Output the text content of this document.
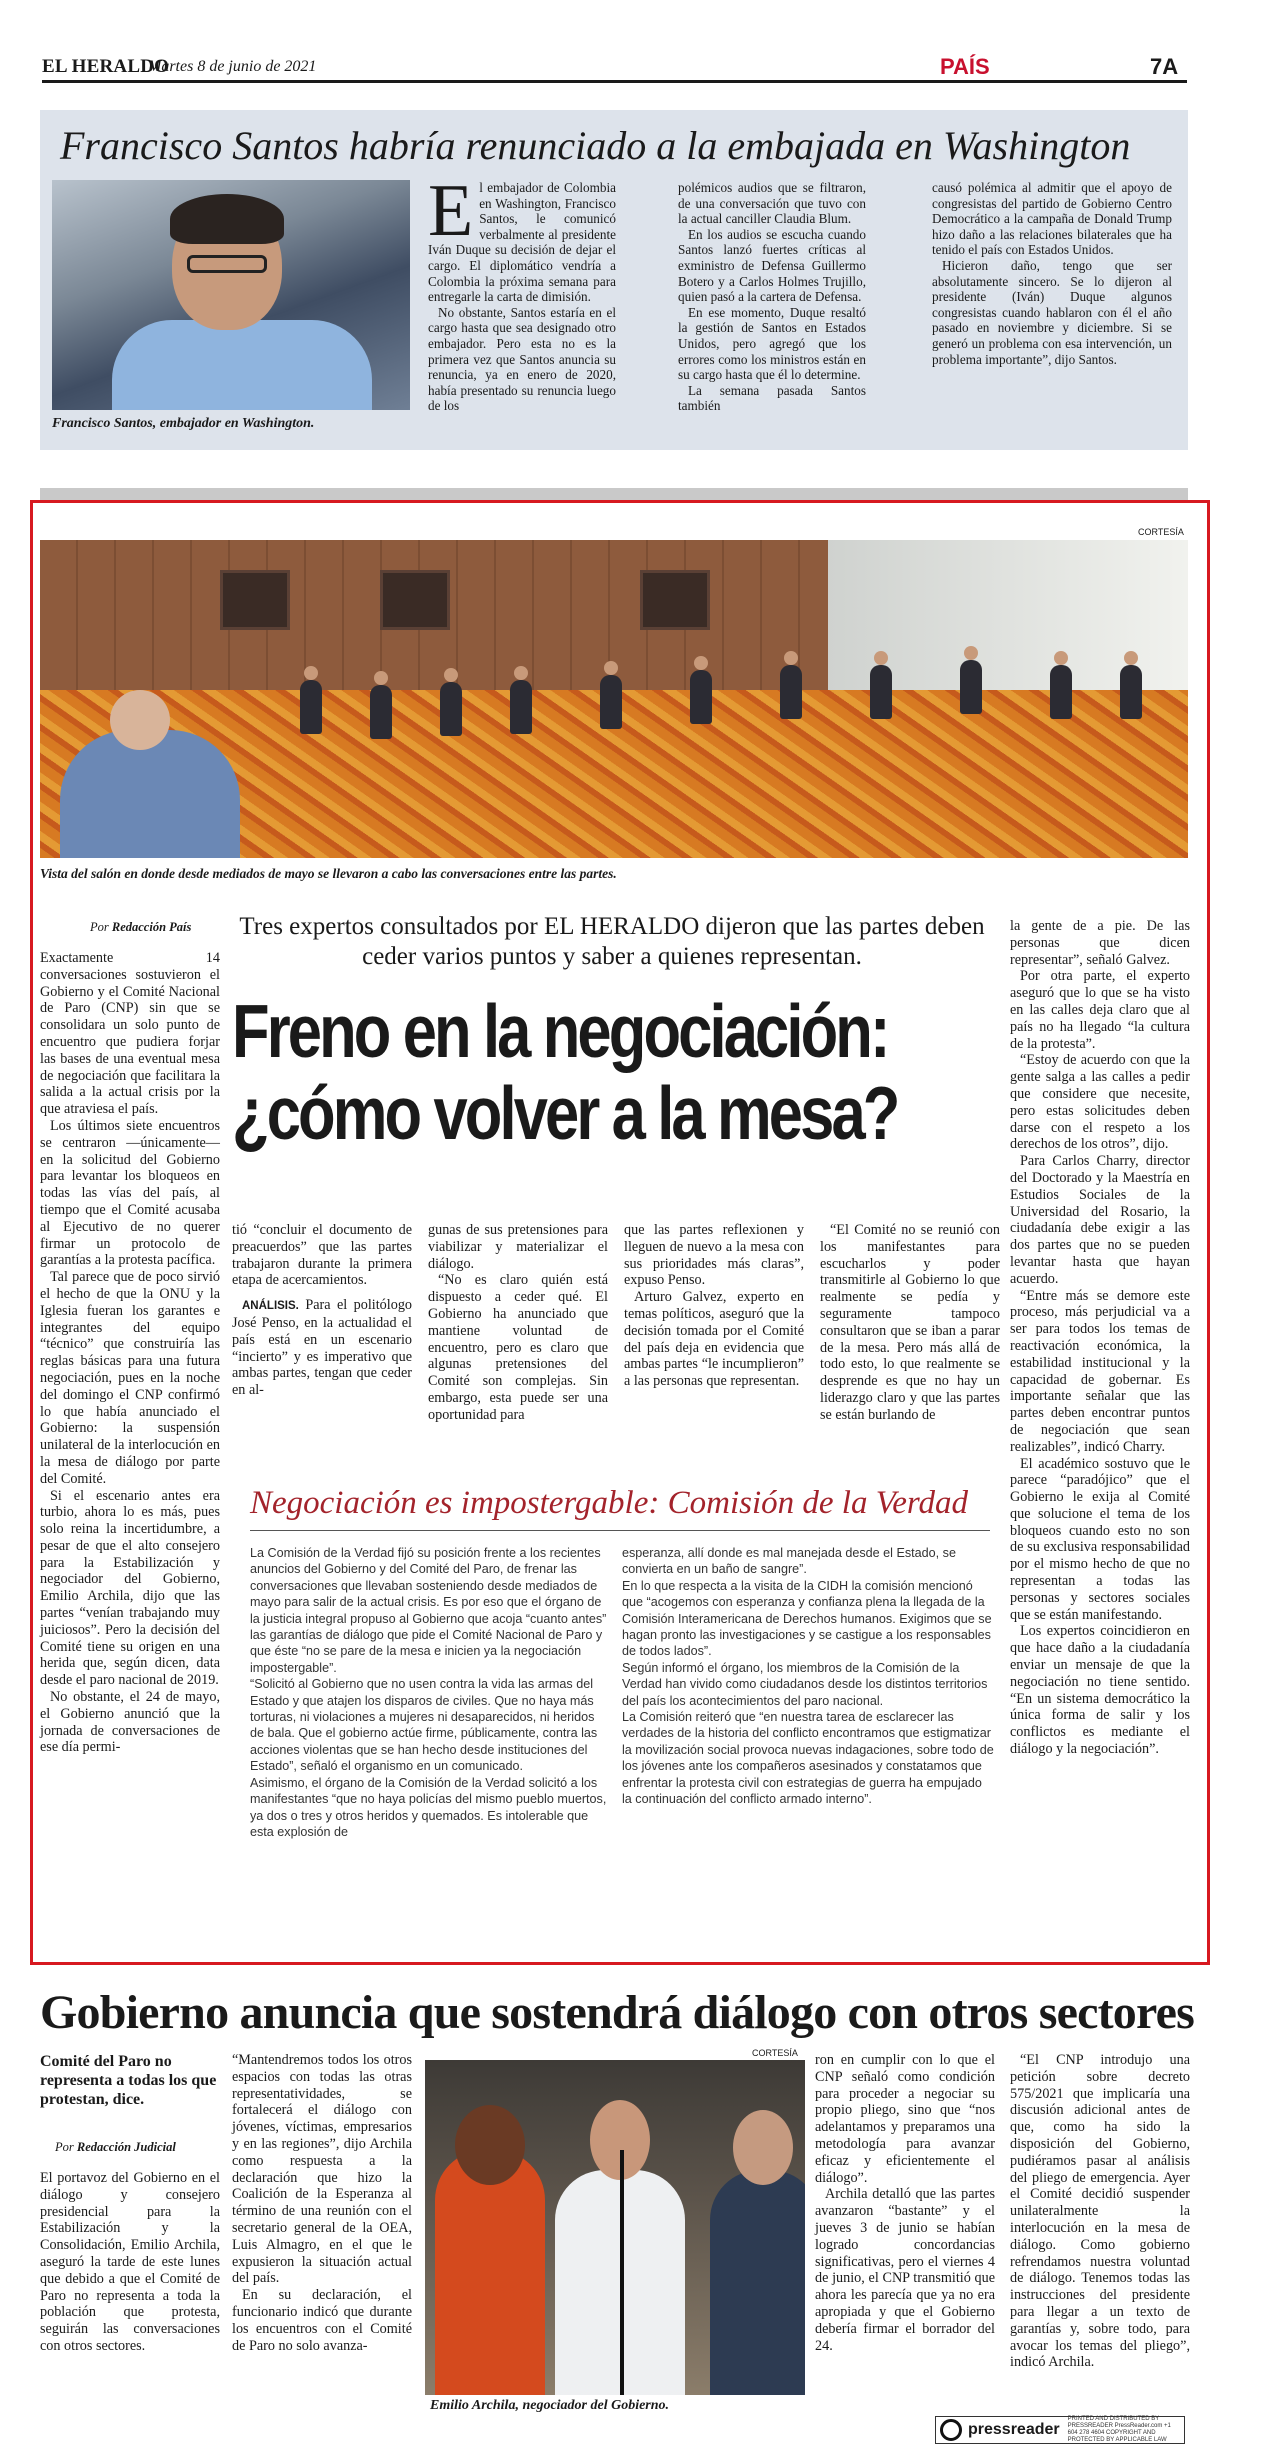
EL HERALDO
Martes 8 de junio de 2021	PAÍS	7A
Francisco Santos habría renunciado a la embajada en Washington
Francisco Santos, embajador en Washington.

El embajador de Colombia en Washington, Francisco Santos, le comunicó verbalmente al presidente Iván Duque su decisión de dejar el cargo. El diplomático vendría a Colombia la próxima semana para entregarle la carta de dimisión.

No obstante, Santos estaría en el cargo hasta que sea designado otro embajador. Pero esta no es la primera vez que Santos anuncia su renuncia, ya en enero de 2020, había presentado su renuncia luego de los

polémicos audios que se filtraron, de una conversación que tuvo con la actual canciller Claudia Blum.

En los audios se escucha cuando Santos lanzó fuertes críticas al exministro de Defensa Guillermo Botero y a Carlos Holmes Trujillo, quien pasó a la cartera de Defensa.

En ese momento, Duque resaltó la gestión de Santos en Estados Unidos, pero agregó que los errores como los ministros están en su cargo hasta que él lo determine.

La semana pasada Santos también

causó polémica al admitir que el apoyo de congresistas del partido de Gobierno Centro Democrático a la campaña de Donald Trump hizo daño a las relaciones bilaterales que ha tenido el país con Estados Unidos.

Hicieron daño, tengo que ser absolutamente sincero. Se lo dijeron al presidente (Iván) Duque algunos congresistas cuando hablaron con él el año pasado en noviembre y diciembre. Si se generó un problema con esa intervención, un problema importante”, dijo Santos.

CORTESÍA
Vista del salón en donde desde mediados de mayo se llevaron a cabo las conversaciones entre las partes.
Por Redacción País

Exactamente 14 conversaciones sostuvieron el Gobierno y el Comité Nacional de Paro (CNP) sin que se consolidara un solo punto de encuentro que pudiera forjar las bases de una eventual mesa de negociación que facilitara la salida a la actual crisis por la que atraviesa el país.

Los últimos siete encuentros se centraron —únicamente— en la solicitud del Gobierno para levantar los bloqueos en todas las vías del país, al tiempo que el Comité acusaba al Ejecutivo de no querer firmar un protocolo de garantías a la protesta pacífica.

Tal parece que de poco sirvió el hecho de que la ONU y la Iglesia fueran los garantes e integrantes del equipo “técnico” que construiría las reglas básicas para una futura negociación, pues en la noche del domingo el CNP confirmó lo que había anunciado el Gobierno: la suspensión unilateral de la interlocución en la mesa de diálogo por parte del Comité.

Si el escenario antes era turbio, ahora lo es más, pues solo reina la incertidumbre, a pesar de que el alto consejero para la Estabilización y negociador del Gobierno, Emilio Archila, dijo que las partes “venían trabajando muy juiciosos”. Pero la decisión del Comité tiene su origen en una herida que, según dicen, data desde el paro nacional de 2019.

No obstante, el 24 de mayo, el Gobierno anunció que la jornada de conversaciones de ese día permi-

Tres expertos consultados por EL HERALDO dijeron que las partes deben ceder varios puntos y saber a quienes representan.
Freno en la negociación:
¿cómo volver a la mesa?

tió “concluir el documento de preacuerdos” que las partes trabajaron durante la primera etapa de acercamientos.

ANÁLISIS. Para el politólogo José Penso, en la actualidad el país está en un escenario “incierto” y es imperativo que ambas partes, tengan que ceder en al-

gunas de sus pretensiones para viabilizar y materializar el diálogo.

“No es claro quién está dispuesto a ceder qué. El Gobierno ha anunciado que mantiene voluntad de encuentro, pero es claro que algunas pretensiones del Comité son complejas. Sin embargo, esta puede ser una oportunidad para

que las partes reflexionen y lleguen de nuevo a la mesa con sus prioridades más claras”, expuso Penso.

Arturo Galvez, experto en temas políticos, aseguró que la decisión tomada por el Comité del país deja en evidencia que ambas partes “le incumplieron” a las personas que representan.

“El Comité no se reunió con los manifestantes para escucharlos y poder transmitirle al Gobierno lo que realmente se pedía y seguramente tampoco consultaron que se iban a parar de la mesa. Pero más allá de todo esto, lo que realmente se desprende es que no hay un liderazgo claro y que las partes se están burlando de

la gente de a pie. De las personas que dicen representar”, señaló Galvez.

Por otra parte, el experto aseguró que lo que se ha visto en las calles deja claro que al país no ha llegado “la cultura de la protesta”.

“Estoy de acuerdo con que la gente salga a las calles a pedir que considere que necesite, pero estas solicitudes deben darse con el respeto a los derechos de los otros”, dijo.

Para Carlos Charry, director del Doctorado y la Maestría en Estudios Sociales de la Universidad del Rosario, la ciudadanía debe exigir a las dos partes que no se pueden levantar hasta que hayan acuerdo.

“Entre más se demore este proceso, más perjudicial va a ser para todos los temas de reactivación económica, la estabilidad institucional y la capacidad de gobernar. Es importante señalar que las partes deben encontrar puntos de negociación que sean realizables”, indicó Charry.

El académico sostuvo que le parece “paradójico” que el Gobierno le exija al Comité que solucione el tema de los bloqueos cuando esto no son de su exclusiva responsabilidad por el mismo hecho de que no representan a todas las personas y sectores sociales que se están manifestando.

Los expertos coincidieron en que hace daño a la ciudadanía enviar un mensaje de que la negociación no tiene sentido. “En un sistema democrático la única forma de salir y los conflictos es mediante el diálogo y la negociación”.

Negociación es impostergable: Comisión de la Verdad

La Comisión de la Verdad fijó su posición frente a los recientes anuncios del Gobierno y del Comité del Paro, de frenar las conversaciones que llevaban sosteniendo desde mediados de mayo para salir de la actual crisis. Es por eso que el órgano de la justicia integral propuso al Gobierno que acoja “cuanto antes” las garantías de diálogo que pide el Comité Nacional de Paro y que éste “no se pare de la mesa e inicien ya la negociación impostergable”.

“Solicitó al Gobierno que no usen contra la vida las armas del Estado y que atajen los disparos de civiles. Que no haya más torturas, ni violaciones a mujeres ni desaparecidos, ni heridos de bala. Que el gobierno actúe firme, públicamente, contra las acciones violentas que se han hecho desde instituciones del Estado”, señaló el organismo en un comunicado.

Asimismo, el órgano de la Comisión de la Verdad solicitó a los manifestantes “que no haya policías del mismo pueblo muertos, ya dos o tres y otros heridos y quemados. Es intolerable que esta explosión de

esperanza, allí donde es mal manejada desde el Estado, se convierta en un baño de sangre”.

En lo que respecta a la visita de la CIDH la comisión mencionó que “acogemos con esperanza y confianza plena la llegada de la Comisión Interamericana de Derechos humanos. Exigimos que se hagan pronto las investigaciones y se castigue a los responsables de todos lados”.

Según informó el órgano, los miembros de la Comisión de la Verdad han vivido como ciudadanos desde los distintos territorios del país los acontecimientos del paro nacional.

La Comisión reiteró que “en nuestra tarea de esclarecer las verdades de la historia del conflicto encontramos que estigmatizar la movilización social provoca nuevas indagaciones, sobre todo de los jóvenes ante los compañeros asesinados y constatamos que enfrentar la protesta civil con estrategias de guerra ha empujado la continuación del conflicto armado interno”.

Gobierno anuncia que sostendrá diálogo con otros sectores
Comité del Paro no representa a todas los que protestan, dice.
Por Redacción Judicial

El portavoz del Gobierno en el diálogo y consejero presidencial para la Estabilización y la Consolidación, Emilio Archila, aseguró la tarde de este lunes que debido a que el Comité de Paro no representa a toda la población que protesta, seguirán las conversaciones con otros sectores.

“Mantendremos todos los otros espacios con todas las otras representatividades, se fortalecerá el diálogo con jóvenes, víctimas, empresarios y en las regiones”, dijo Archila como respuesta a la declaración que hizo la Coalición de la Esperanza al término de una reunión con el secretario general de la OEA, Luis Almagro, en el que le expusieron la situación actual del país.

En su declaración, el funcionario indicó que durante los encuentros con el Comité de Paro no solo avanza-

CORTESÍA
Emilio Archila, negociador del Gobierno.

ron en cumplir con lo que el CNP señaló como condición para proceder a negociar su propio pliego, sino que “nos adelantamos y preparamos una metodología para avanzar eficaz y eficientemente el diálogo”.

Archila detalló que las partes avanzaron “bastante” y el jueves 3 de junio se habían logrado concordancias significativas, pero el viernes 4 de junio, el CNP transmitió que ahora les parecía que ya no era apropiada y que el Gobierno debería firmar el borrador del 24.

“El CNP introdujo una petición sobre decreto 575/2021 que implicaría una discusión adicional antes de que, como ha sido la disposición del Gobierno, pudiéramos pasar al análisis del pliego de emergencia. Ayer el Comité decidió suspender unilateralmente la interlocución en la mesa de diálogo. Como gobierno refrendamos nuestra voluntad de diálogo. Tenemos todas las instrucciones del presidente para llegar a un texto de garantías y, sobre todo, para avocar los temas del pliego”, indicó Archila.

pressreader
PRINTED AND DISTRIBUTED BY PRESSREADER PressReader.com +1 604 278 4604 COPYRIGHT AND PROTECTED BY APPLICABLE LAW
